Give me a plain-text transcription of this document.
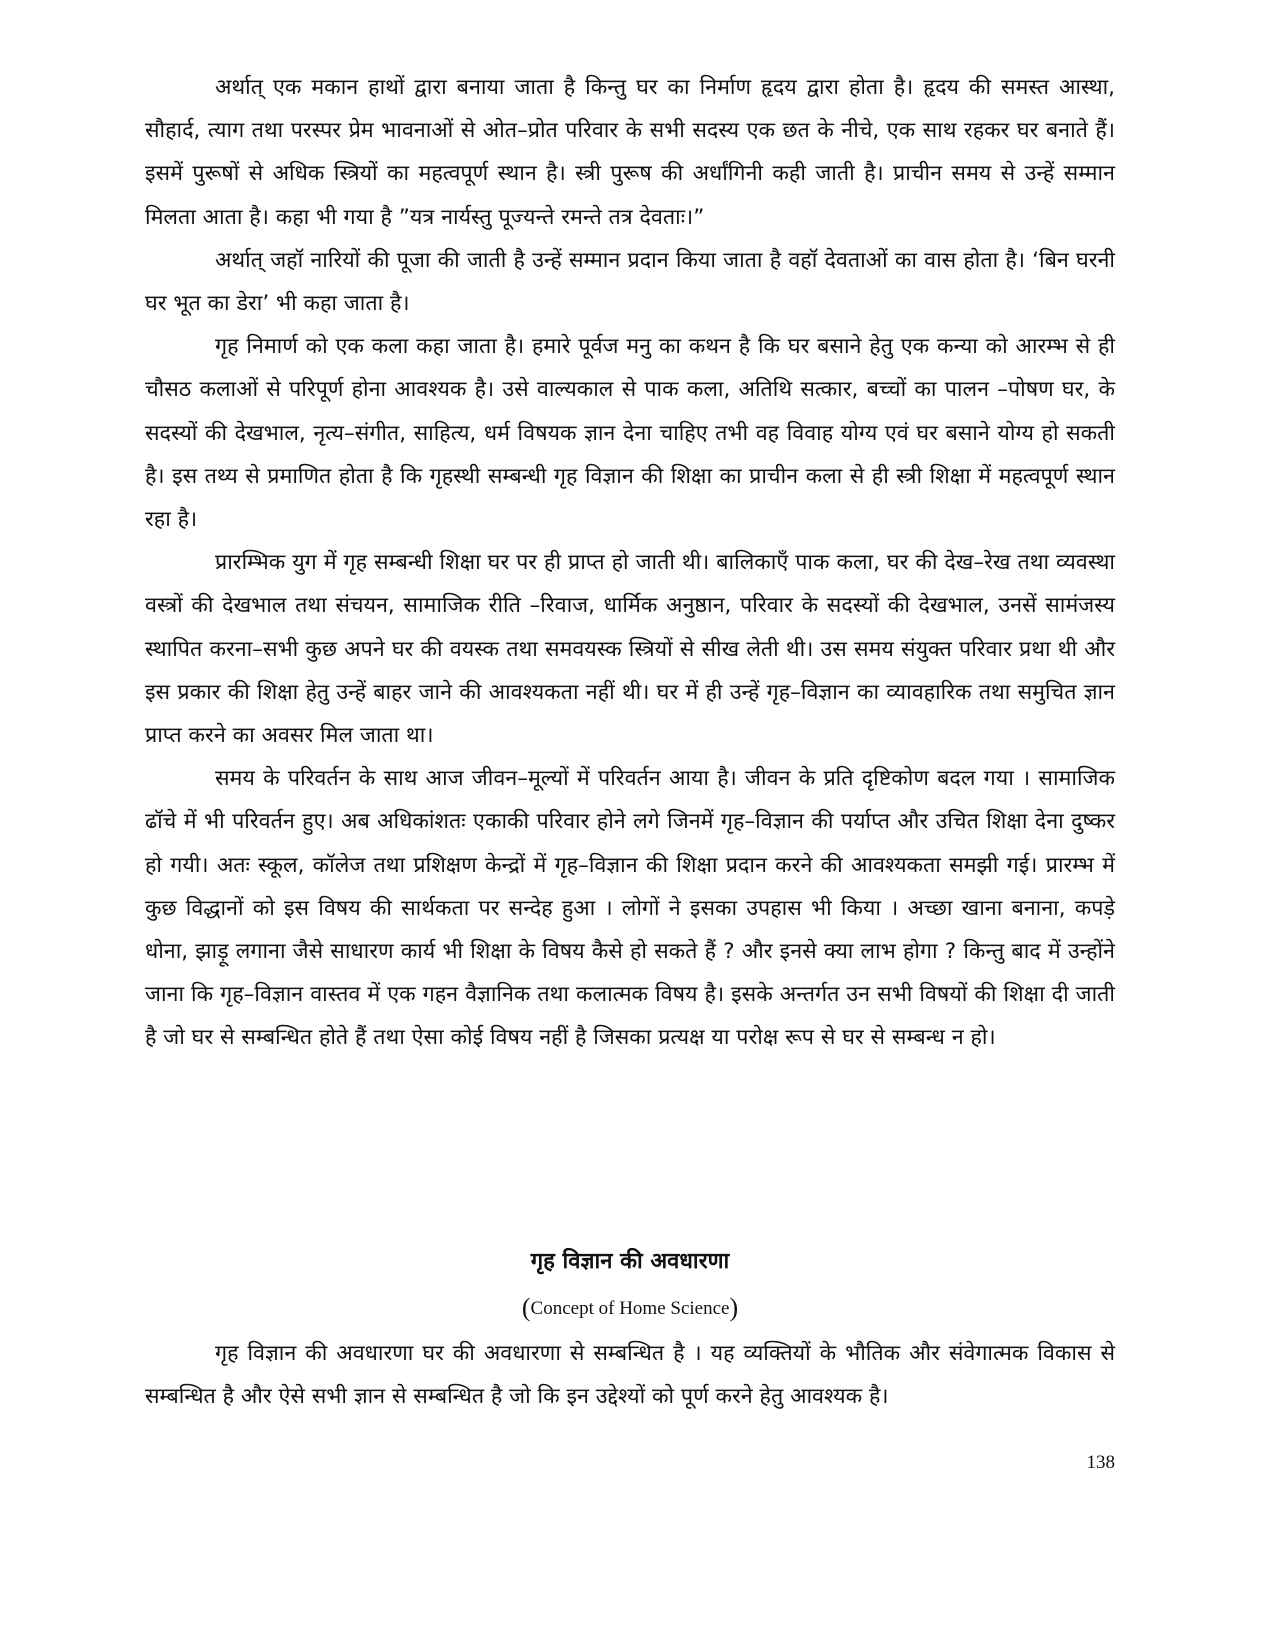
अर्थात् एक मकान हाथों द्वारा बनाया जाता है किन्तु घर का निर्माण हृदय द्वारा होता है। हृदय की समस्त आस्था, सौहार्द, त्याग तथा परस्पर प्रेम भावनाओं से ओत–प्रोत परिवार के सभी सदस्य एक छत के नीचे, एक साथ रहकर घर बनाते हैं। इसमें पुरूषों से अधिक स्त्रियों का महत्वपूर्ण स्थान है। स्त्री पुरूष की अर्धांगिनी कही जाती है। प्राचीन समय से उन्हें सम्मान मिलता आता है। कहा भी गया है ”यत्र नार्यस्तु पूज्यन्ते रमन्ते तत्र देवताः।”

अर्थात् जहॉ नारियों की पूजा की जाती है उन्हें सम्मान प्रदान किया जाता है वहॉ देवताओं का वास होता है। ‘बिन घरनी घर भूत का डेरा’ भी कहा जाता है।

गृह निमार्ण को एक कला कहा जाता है। हमारे पूर्वज मनु का कथन है कि घर बसाने हेतु एक कन्या को आरम्भ से ही चौसठ कलाओं से परिपूर्ण होना आवश्यक है। उसे वाल्यकाल से पाक कला, अतिथि सत्कार, बच्चों का पालन –पोषण घर, के सदस्यों की देखभाल, नृत्य–संगीत, साहित्य, धर्म विषयक ज्ञान देना चाहिए तभी वह विवाह योग्य एवं घर बसाने योग्य हो सकती है। इस तथ्य से प्रमाणित होता है कि गृहस्थी सम्बन्धी गृह विज्ञान की शिक्षा का प्राचीन कला से ही स्त्री शिक्षा में महत्वपूर्ण स्थान रहा है।

प्रारम्भिक युग में गृह सम्बन्धी शिक्षा घर पर ही प्राप्त हो जाती थी। बालिकाएँ पाक कला, घर की देख–रेख तथा व्यवस्था वस्त्रों की देखभाल तथा संचयन, सामाजिक रीति –रिवाज, धार्मिक अनुष्ठान, परिवार के सदस्यों की देखभाल, उनसें सामंजस्य स्थापित करना–सभी कुछ अपने घर की वयस्क तथा समवयस्क स्त्रियों से सीख लेती थी। उस समय संयुक्त परिवार प्रथा थी और इस प्रकार की शिक्षा हेतु उन्हें बाहर जाने की आवश्यकता नहीं थी। घर में ही उन्हें गृह–विज्ञान का व्यावहारिक तथा समुचित ज्ञान प्राप्त करने का अवसर मिल जाता था।

समय के परिवर्तन के साथ आज जीवन–मूल्यों में परिवर्तन आया है। जीवन के प्रति दृष्टिकोण बदल गया । सामाजिक ढॉचे में भी परिवर्तन हुए। अब अधिकांशतः एकाकी परिवार होने लगे जिनमें गृह–विज्ञान की पर्याप्त और उचित शिक्षा देना दुष्कर हो गयी। अतः स्कूल, कॉलेज तथा प्रशिक्षण केन्द्रों में गृह–विज्ञान की शिक्षा प्रदान करने की आवश्यकता समझी गई। प्रारम्भ में कुछ विद्धानों को इस विषय की सार्थकता पर सन्देह हुआ । लोगों ने इसका उपहास भी किया । अच्छा खाना बनाना, कपड़े धोना, झाड़ू लगाना जैसे साधारण कार्य भी शिक्षा के विषय कैसे हो सकते हैं ? और इनसे क्या लाभ होगा ? किन्तु बाद में उन्होंने जाना कि गृह–विज्ञान वास्तव में एक गहन वैज्ञानिक तथा कलात्मक विषय है। इसके अन्तर्गत उन सभी विषयों की शिक्षा दी जाती है जो घर से सम्बन्धित होते हैं तथा ऐसा कोई विषय नहीं है जिसका प्रत्यक्ष या परोक्ष रूप से घर से सम्बन्ध न हो।

गृह विज्ञान की अवधारणा
(Concept of Home Science)

गृह विज्ञान की अवधारणा घर की अवधारणा से सम्बन्धित है । यह व्यक्तियों के भौतिक और संवेगात्मक विकास से सम्बन्धित है और ऐसे सभी ज्ञान से सम्बन्धित है जो कि इन उद्देश्यों को पूर्ण करने हेतु आवश्यक है।

138
